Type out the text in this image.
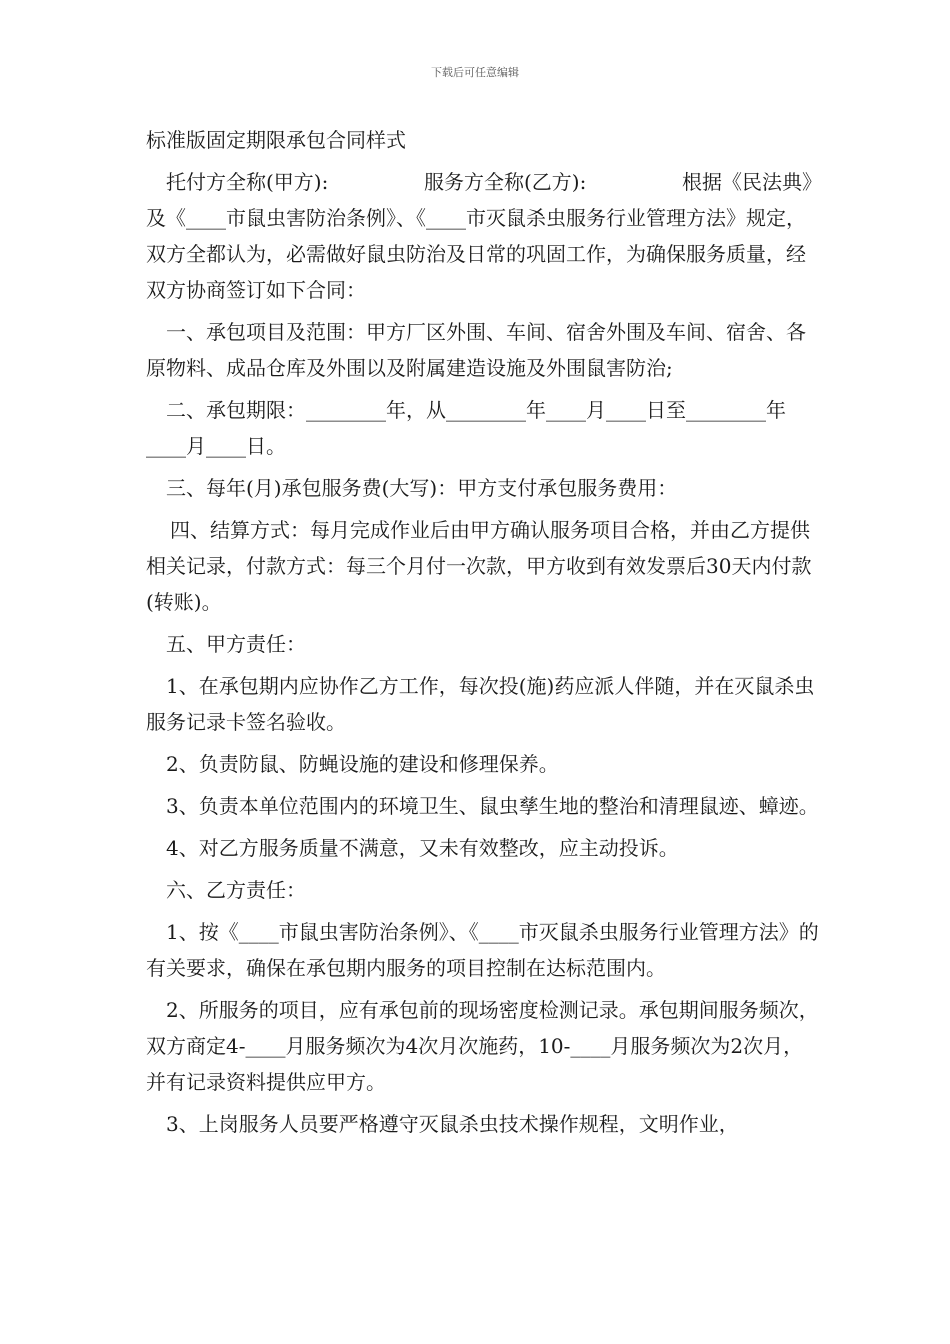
下载后可任意编辑

标准版固定期限承包合同样式

托付方全称(甲方):	服务方全称(乙方):	根据《民法典》

及《____市鼠虫害防治条例》、《____市灭鼠杀虫服务行业管理方法》规定，双方全都认为，必需做好鼠虫防治及日常的巩固工作，为确保服务质量，经双方协商签订如下合同：

一、承包项目及范围：甲方厂区外围、车间、宿舍外围及车间、宿舍、各原物料、成品仓库及外围以及附属建造设施及外围鼠害防治;

二、承包期限：________年，从________年____月____日至________年____月____日。

三、每年(月)承包服务费(大写)：甲方支付承包服务费用：

四、结算方式：每月完成作业后由甲方确认服务项目合格，并由乙方提供相关记录，付款方式：每三个月付一次款，甲方收到有效发票后30天内付款(转账)。

五、甲方责任：

1、在承包期内应协作乙方工作，每次投(施)药应派人伴随，并在灭鼠杀虫服务记录卡签名验收。

2、负责防鼠、防蝇设施的建设和修理保养。

3、负责本单位范围内的环境卫生、鼠虫孳生地的整治和清理鼠迹、蟑迹。

4、对乙方服务质量不满意，又未有效整改，应主动投诉。

六、乙方责任：

1、按《____市鼠虫害防治条例》、《____市灭鼠杀虫服务行业管理方法》的有关要求，确保在承包期内服务的项目控制在达标范围内。

2、所服务的项目，应有承包前的现场密度检测记录。承包期间服务频次，双方商定4-____月服务频次为4次月次施药，10-____月服务频次为2次月，并有记录资料提供应甲方。

3、上岗服务人员要严格遵守灭鼠杀虫技术操作规程，文明作业，
